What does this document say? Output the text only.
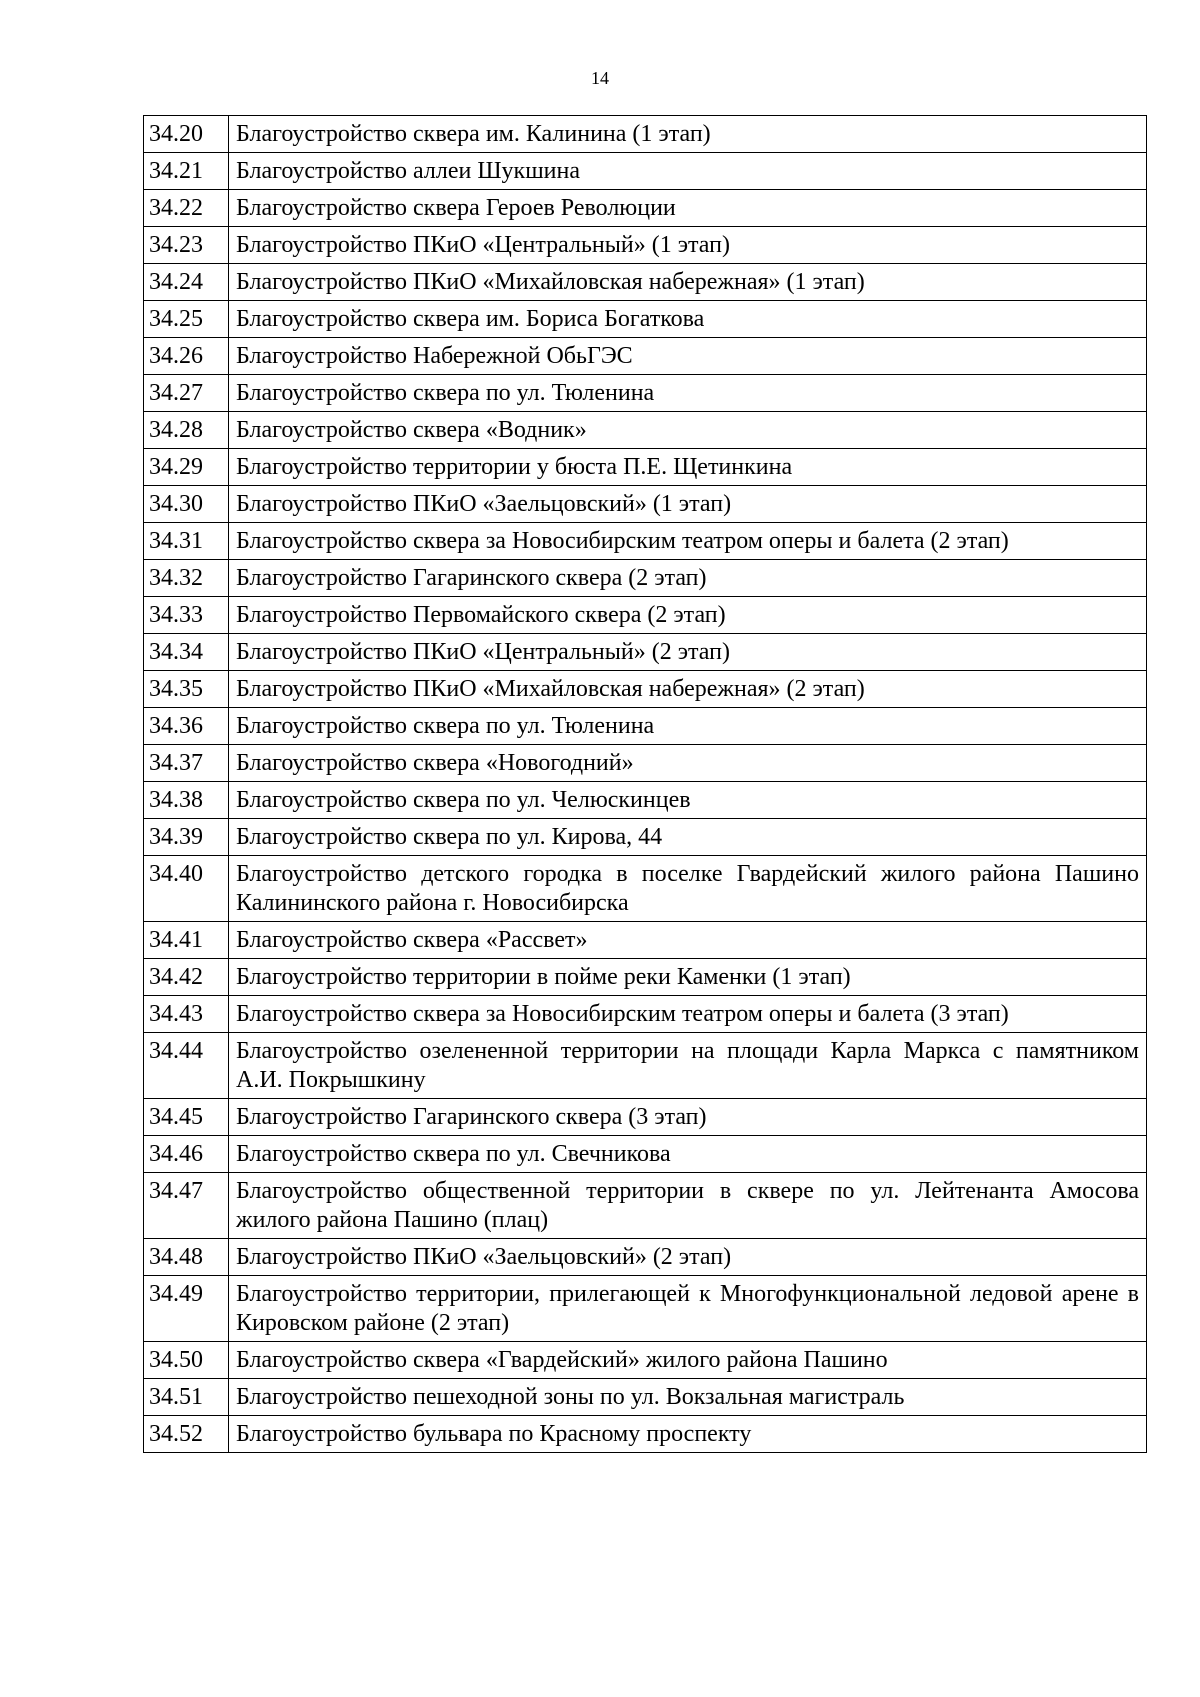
14
34.20	Благоустройство сквера им. Калинина (1 этап)
34.21	Благоустройство аллеи Шукшина
34.22	Благоустройство сквера Героев Революции
34.23	Благоустройство ПКиО «Центральный» (1 этап)
34.24	Благоустройство ПКиО «Михайловская набережная» (1 этап)
34.25	Благоустройство сквера им. Бориса Богаткова
34.26	Благоустройство Набережной ОбьГЭС
34.27	Благоустройство сквера по ул. Тюленина
34.28	Благоустройство сквера «Водник»
34.29	Благоустройство территории у бюста П.Е. Щетинкина
34.30	Благоустройство ПКиО «Заельцовский» (1 этап)
34.31	Благоустройство сквера за Новосибирским театром оперы и балета (2 этап)
34.32	Благоустройство Гагаринского сквера (2 этап)
34.33	Благоустройство Первомайского сквера (2 этап)
34.34	Благоустройство ПКиО «Центральный» (2 этап)
34.35	Благоустройство ПКиО «Михайловская набережная» (2 этап)
34.36	Благоустройство сквера по ул. Тюленина
34.37	Благоустройство сквера «Новогодний»
34.38	Благоустройство сквера по ул. Челюскинцев
34.39	Благоустройство сквера по ул. Кирова, 44
34.40	Благоустройство детского городка в поселке Гвардейский жилого района Пашино Калининского района г. Новосибирска
34.41	Благоустройство сквера «Рассвет»
34.42	Благоустройство территории в пойме реки Каменки (1 этап)
34.43	Благоустройство сквера за Новосибирским театром оперы и балета (3 этап)
34.44	Благоустройство озелененной территории на площади Карла Маркса с памятником А.И. Покрышкину
34.45	Благоустройство Гагаринского сквера (3 этап)
34.46	Благоустройство сквера по ул. Свечникова
34.47	Благоустройство общественной территории в сквере по ул. Лейтенанта Амосова жилого района Пашино (плац)
34.48	Благоустройство ПКиО «Заельцовский» (2 этап)
34.49	Благоустройство территории, прилегающей к Многофункциональной ледовой арене в Кировском районе (2 этап)
34.50	Благоустройство сквера «Гвардейский» жилого района Пашино
34.51	Благоустройство пешеходной зоны по ул. Вокзальная магистраль
34.52	Благоустройство бульвара по Красному проспекту
